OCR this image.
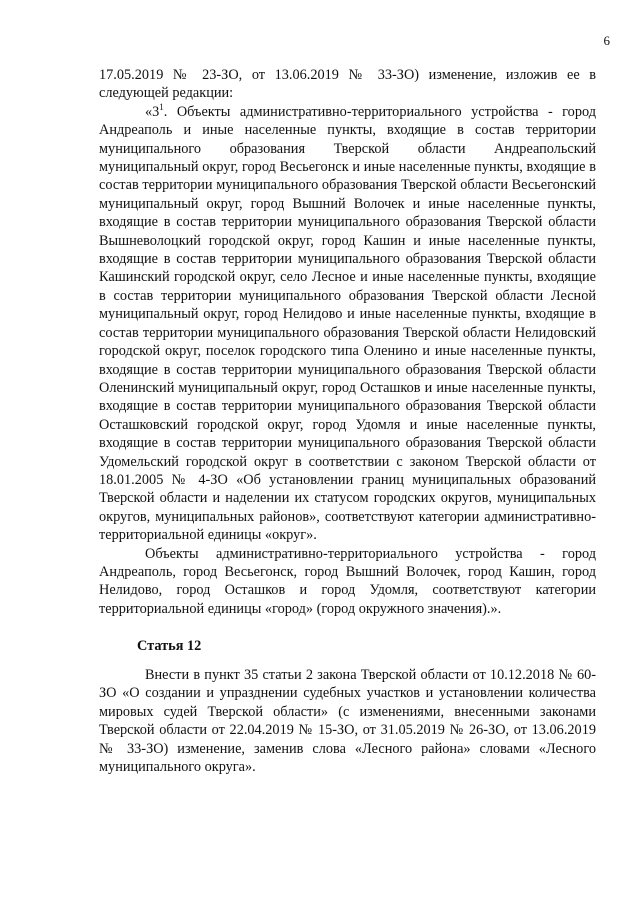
6

17.05.2019 № 23-ЗО, от 13.06.2019 № 33-ЗО) изменение, изложив ее в следующей редакции:

«$3^1$. Объекты административно-территориального устройства - город Андреаполь и иные населенные пункты, входящие в состав территории муниципального образования Тверской области Андреапольский муниципальный округ, город Весьегонск и иные населенные пункты, входящие в состав территории муниципального образования Тверской области Весьегонский муниципальный округ, город Вышний Волочек и иные населенные пункты, входящие в состав территории муниципального образования Тверской области Вышневолоцкий городской округ, город Кашин и иные населенные пункты, входящие в состав территории муниципального образования Тверской области Кашинский городской округ, село Лесное и иные населенные пункты, входящие в состав территории муниципального образования Тверской области Лесной муниципальный округ, город Нелидово и иные населенные пункты, входящие в состав территории муниципального образования Тверской области Нелидовский городской округ, поселок городского типа Оленино и иные населенные пункты, входящие в состав территории муниципального образования Тверской области Оленинский муниципальный округ, город Осташков и иные населенные пункты, входящие в состав территории муниципального образования Тверской области Осташковский городской округ, город Удомля и иные населенные пункты, входящие в состав территории муниципального образования Тверской области Удомельский городской округ в соответствии с законом Тверской области от 18.01.2005 № 4-ЗО «Об установлении границ муниципальных образований Тверской области и наделении их статусом городских округов, муниципальных округов, муниципальных районов», соответствуют категории административно-территориальной единицы «округ».

Объекты административно-территориального устройства - город Андреаполь, город Весьегонск, город Вышний Волочек, город Кашин, город Нелидово, город Осташков и город Удомля, соответствуют категории территориальной единицы «город» (город окружного значения).».

Статья 12

Внести в пункт 35 статьи 2 закона Тверской области от 10.12.2018 № 60-ЗО «О создании и упразднении судебных участков и установлении количества мировых судей Тверской области» (с изменениями, внесенными законами Тверской области от 22.04.2019 № 15-ЗО, от 31.05.2019 № 26-ЗО, от 13.06.2019 № 33-ЗО) изменение, заменив слова «Лесного района» словами «Лесного муниципального округа».
